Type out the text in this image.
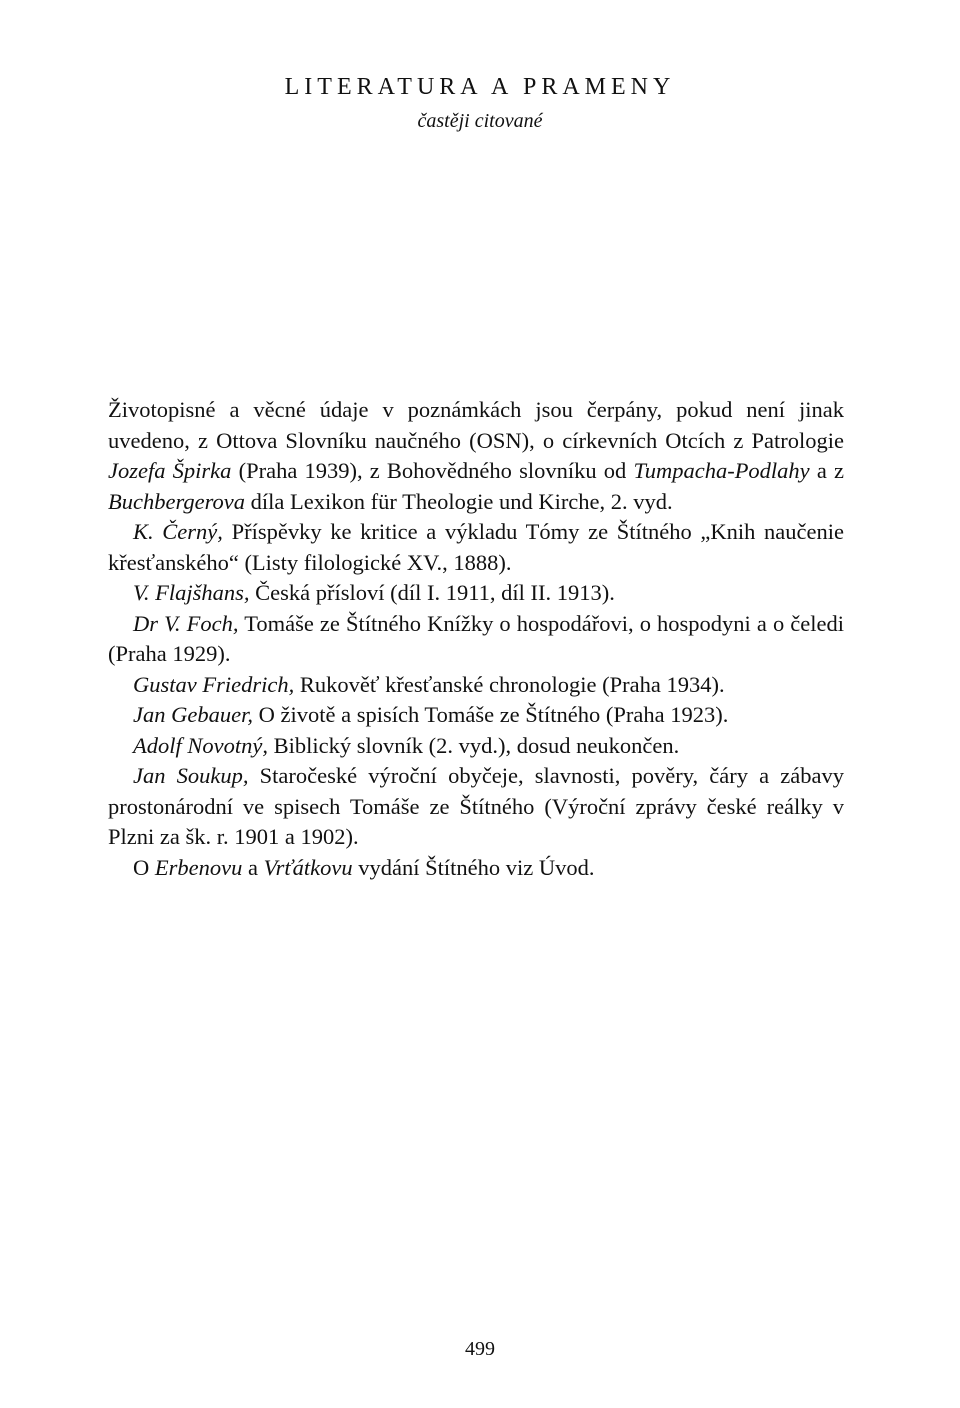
LITERATURA A PRAMENY

častěji citované

Životopisné a věcné údaje v poznámkách jsou čerpány, pokud není jinak uvedeno, z Ottova Slovníku naučného (OSN), o církevních Otcích z Patrologie Jozefa Špirka (Praha 1939), z Bohovědného slovníku od Tumpacha-Podlahy a z Buchbergerova díla Lexikon für Theologie und Kirche, 2. vyd.

K. Černý, Příspěvky ke kritice a výkladu Tómy ze Štítného „Knih naučenie křesťanského“ (Listy filologické XV., 1888).

V. Flajšhans, Česká přísloví (díl I. 1911, díl II. 1913).

Dr V. Foch, Tomáše ze Štítného Knížky o hospodářovi, o hospodyni a o čeledi (Praha 1929).

Gustav Friedrich, Rukověť křesťanské chronologie (Praha 1934).

Jan Gebauer, O životě a spisích Tomáše ze Štítného (Praha 1923).

Adolf Novotný, Biblický slovník (2. vyd.), dosud neukončen.

Jan Soukup, Staročeské výroční obyčeje, slavnosti, pověry, čáry a zábavy prostonárodní ve spisech Tomáše ze Štítného (Výroční zprávy české reálky v Plzni za šk. r. 1901 a 1902).

O Erbenovu a Vrťátkovu vydání Štítného viz Úvod.

499
